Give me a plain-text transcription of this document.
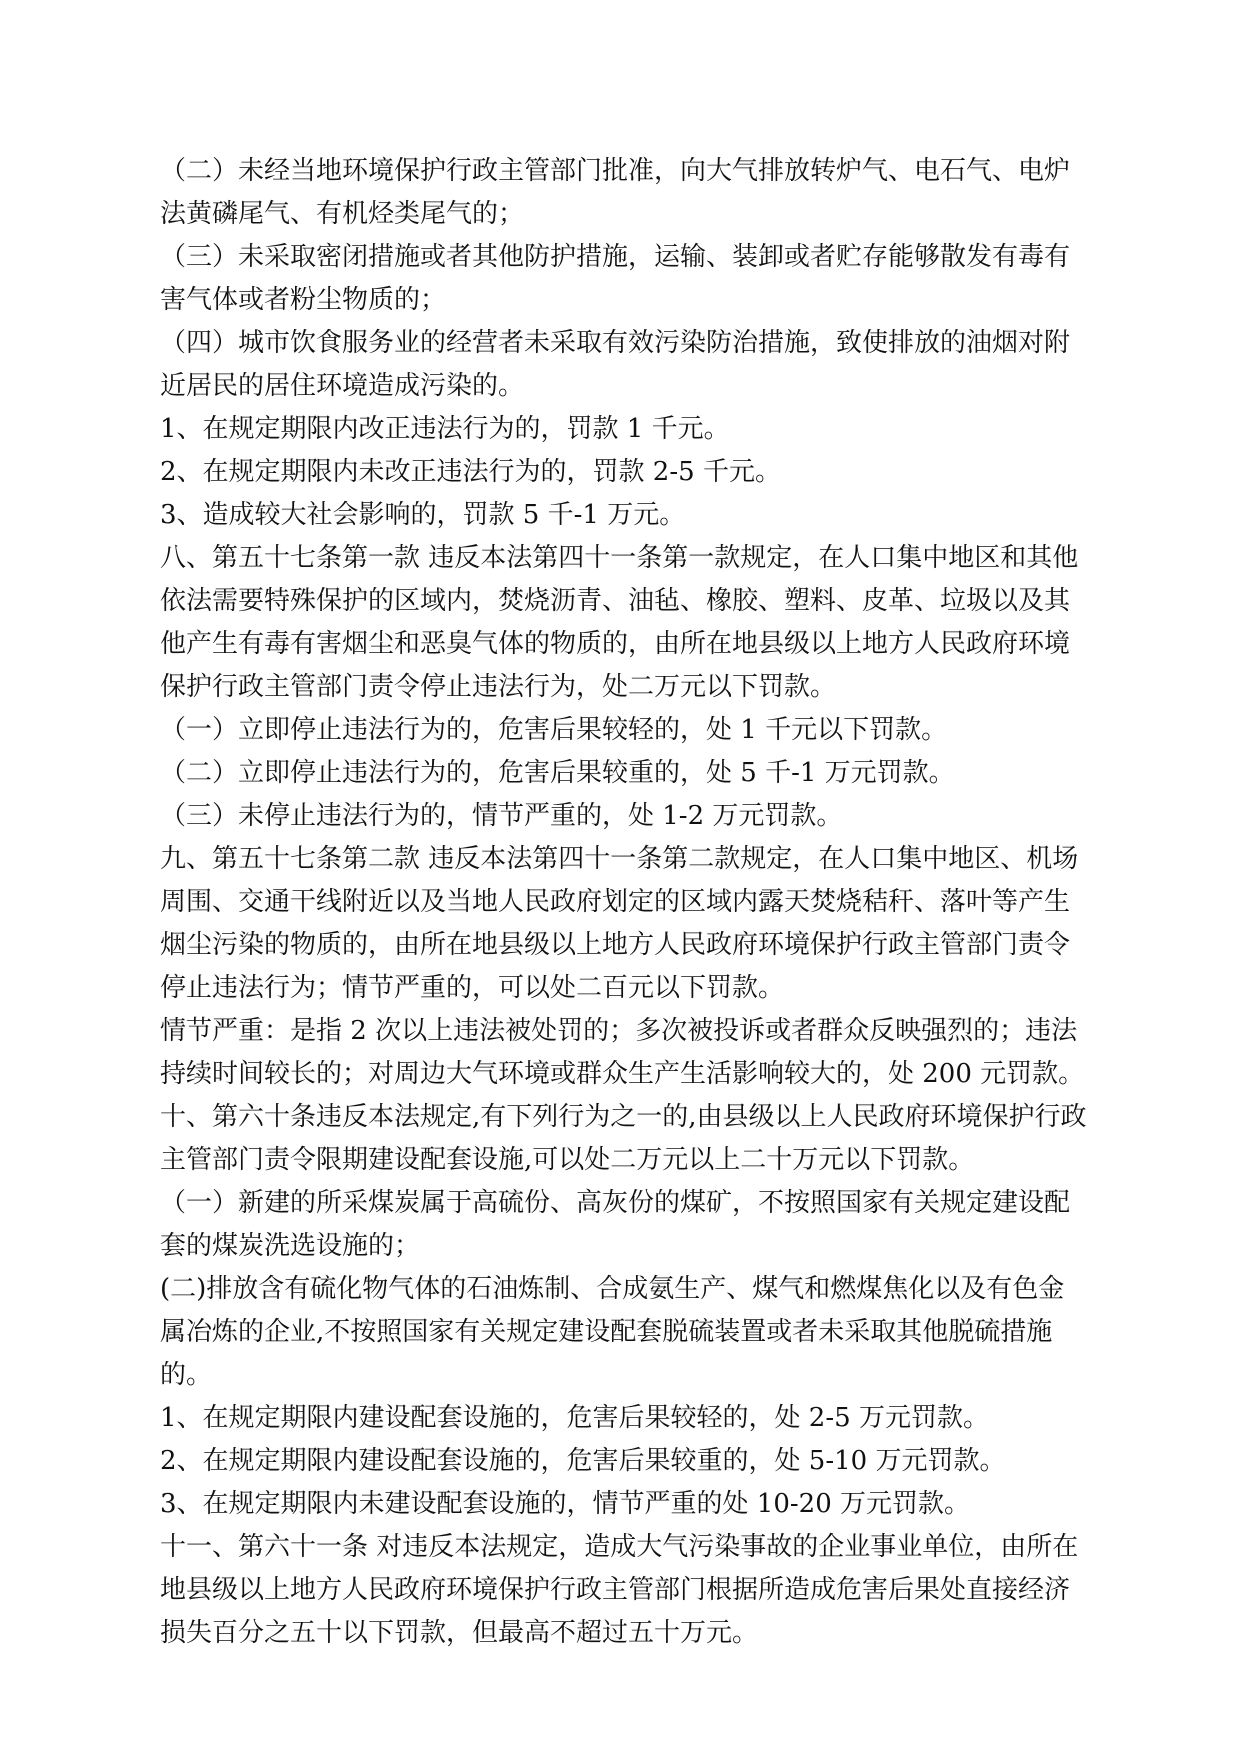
（二）未经当地环境保护行政主管部门批准，向大气排放转炉气、电石气、电炉
法黄磷尾气、有机烃类尾气的；
（三）未采取密闭措施或者其他防护措施，运输、装卸或者贮存能够散发有毒有
害气体或者粉尘物质的；
（四）城市饮食服务业的经营者未采取有效污染防治措施，致使排放的油烟对附
近居民的居住环境造成污染的。
1、在规定期限内改正违法行为的，罚款 1 千元。
2、在规定期限内未改正违法行为的，罚款 2-5 千元。
3、造成较大社会影响的，罚款 5 千-1 万元。
八、第五十七条第一款 违反本法第四十一条第一款规定，在人口集中地区和其他
依法需要特殊保护的区域内，焚烧沥青、油毡、橡胶、塑料、皮革、垃圾以及其
他产生有毒有害烟尘和恶臭气体的物质的，由所在地县级以上地方人民政府环境
保护行政主管部门责令停止违法行为，处二万元以下罚款。
（一）立即停止违法行为的，危害后果较轻的，处 1 千元以下罚款。
（二）立即停止违法行为的，危害后果较重的，处 5 千-1 万元罚款。
（三）未停止违法行为的，情节严重的，处 1-2 万元罚款。
九、第五十七条第二款 违反本法第四十一条第二款规定，在人口集中地区、机场
周围、交通干线附近以及当地人民政府划定的区域内露天焚烧秸秆、落叶等产生
烟尘污染的物质的，由所在地县级以上地方人民政府环境保护行政主管部门责令
停止违法行为；情节严重的，可以处二百元以下罚款。
情节严重：是指 2 次以上违法被处罚的；多次被投诉或者群众反映强烈的；违法
持续时间较长的；对周边大气环境或群众生产生活影响较大的，处 200 元罚款。
十、第六十条违反本法规定,有下列行为之一的,由县级以上人民政府环境保护行政
主管部门责令限期建设配套设施,可以处二万元以上二十万元以下罚款。
（一）新建的所采煤炭属于高硫份、高灰份的煤矿，不按照国家有关规定建设配
套的煤炭洗选设施的；
(二)排放含有硫化物气体的石油炼制、合成氨生产、煤气和燃煤焦化以及有色金
属冶炼的企业,不按照国家有关规定建设配套脱硫装置或者未采取其他脱硫措施
的。
1、在规定期限内建设配套设施的，危害后果较轻的，处 2-5 万元罚款。
2、在规定期限内建设配套设施的，危害后果较重的，处 5-10 万元罚款。
3、在规定期限内未建设配套设施的，情节严重的处 10-20 万元罚款。
十一、第六十一条 对违反本法规定，造成大气污染事故的企业事业单位，由所在
地县级以上地方人民政府环境保护行政主管部门根据所造成危害后果处直接经济
损失百分之五十以下罚款，但最高不超过五十万元。
